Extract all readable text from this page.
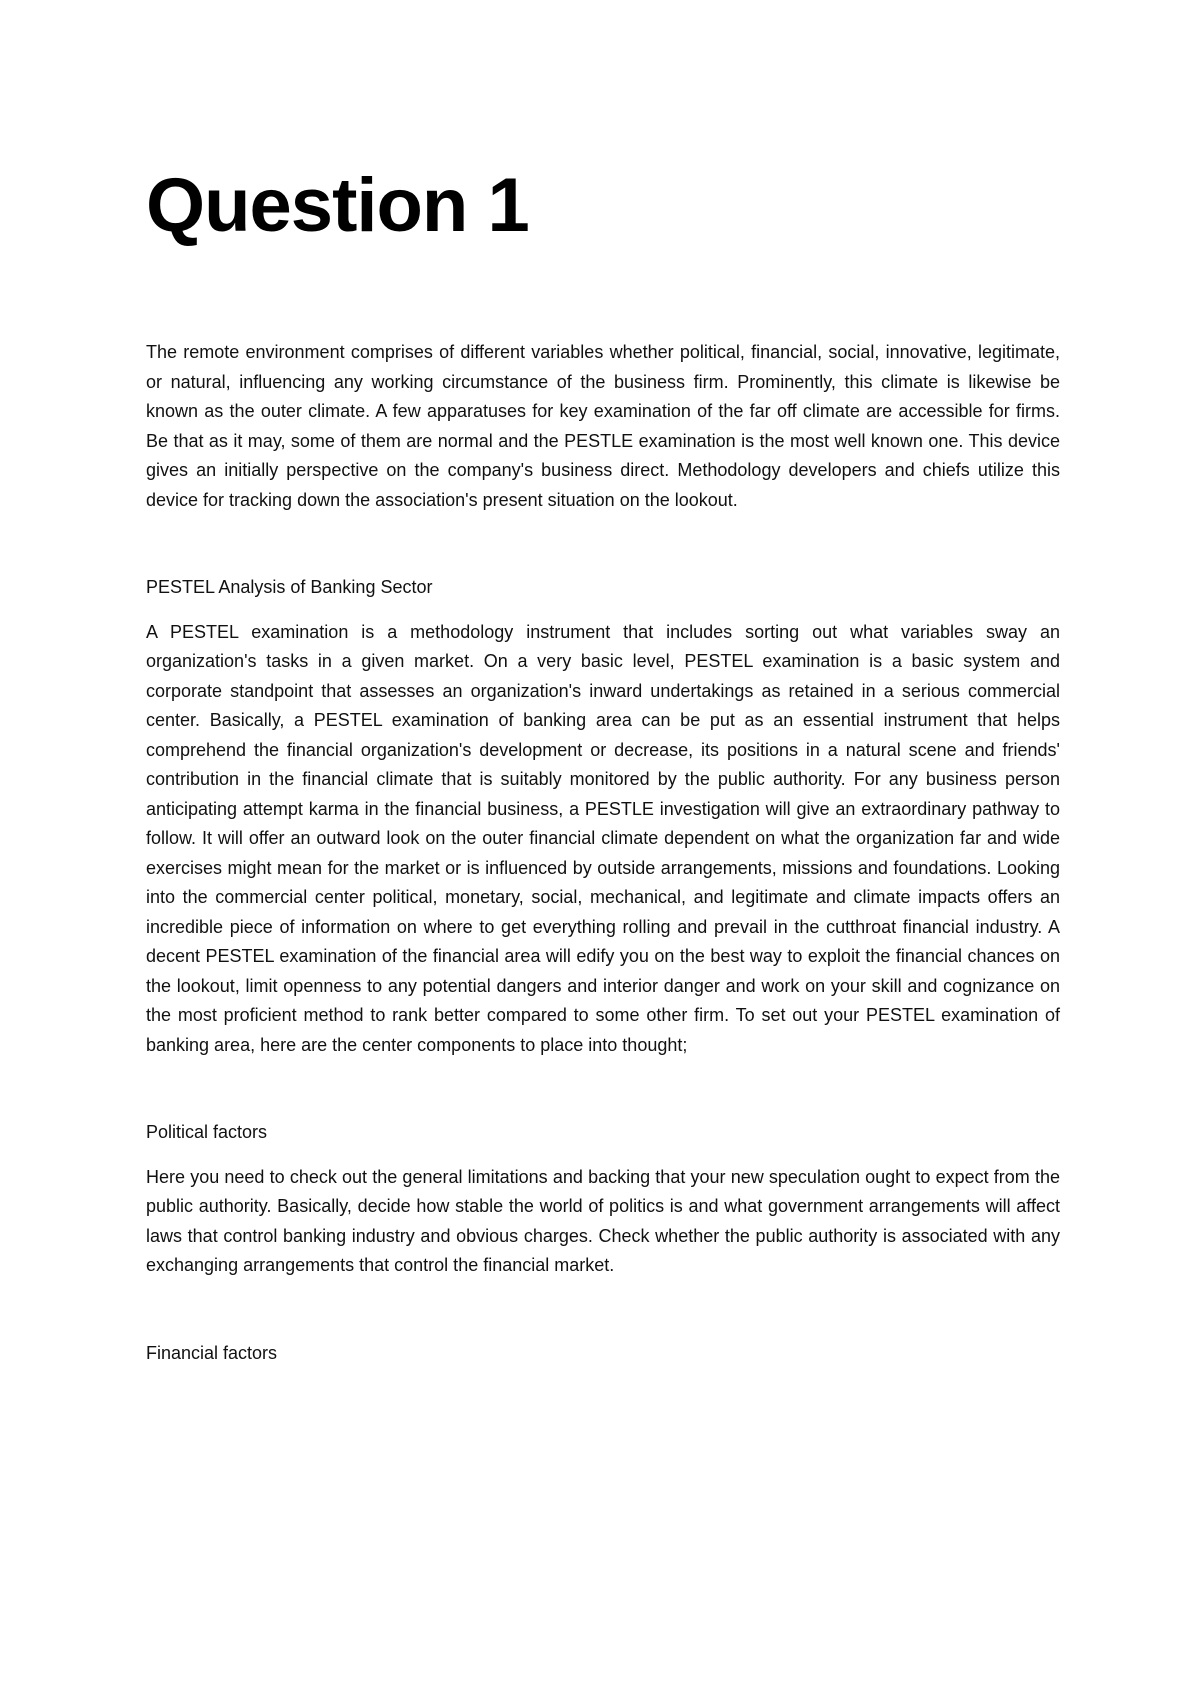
Question 1

The remote environment comprises of different variables whether political, financial, social, innovative, legitimate, or natural, influencing any working circumstance of the business firm. Prominently, this climate is likewise be known as the outer climate. A few apparatuses for key examination of the far off climate are accessible for firms. Be that as it may, some of them are normal and the PESTLE examination is the most well known one. This device gives an initially perspective on the company's business direct. Methodology developers and chiefs utilize this device for tracking down the association's present situation on the lookout.

PESTEL Analysis of Banking Sector

A PESTEL examination is a methodology instrument that includes sorting out what variables sway an organization's tasks in a given market. On a very basic level, PESTEL examination is a basic system and corporate standpoint that assesses an organization's inward undertakings as retained in a serious commercial center. Basically, a PESTEL examination of banking area can be put as an essential instrument that helps comprehend the financial organization's development or decrease, its positions in a natural scene and friends' contribution in the financial climate that is suitably monitored by the public authority. For any business person anticipating attempt karma in the financial business, a PESTLE investigation will give an extraordinary pathway to follow. It will offer an outward look on the outer financial climate dependent on what the organization far and wide exercises might mean for the market or is influenced by outside arrangements, missions and foundations. Looking into the commercial center political, monetary, social, mechanical, and legitimate and climate impacts offers an incredible piece of information on where to get everything rolling and prevail in the cutthroat financial industry. A decent PESTEL examination of the financial area will edify you on the best way to exploit the financial chances on the lookout, limit openness to any potential dangers and interior danger and work on your skill and cognizance on the most proficient method to rank better compared to some other firm. To set out your PESTEL examination of banking area, here are the center components to place into thought;

Political factors

Here you need to check out the general limitations and backing that your new speculation ought to expect from the public authority. Basically, decide how stable the world of politics is and what government arrangements will affect laws that control banking industry and obvious charges. Check whether the public authority is associated with any exchanging arrangements that control the financial market.

Financial factors
